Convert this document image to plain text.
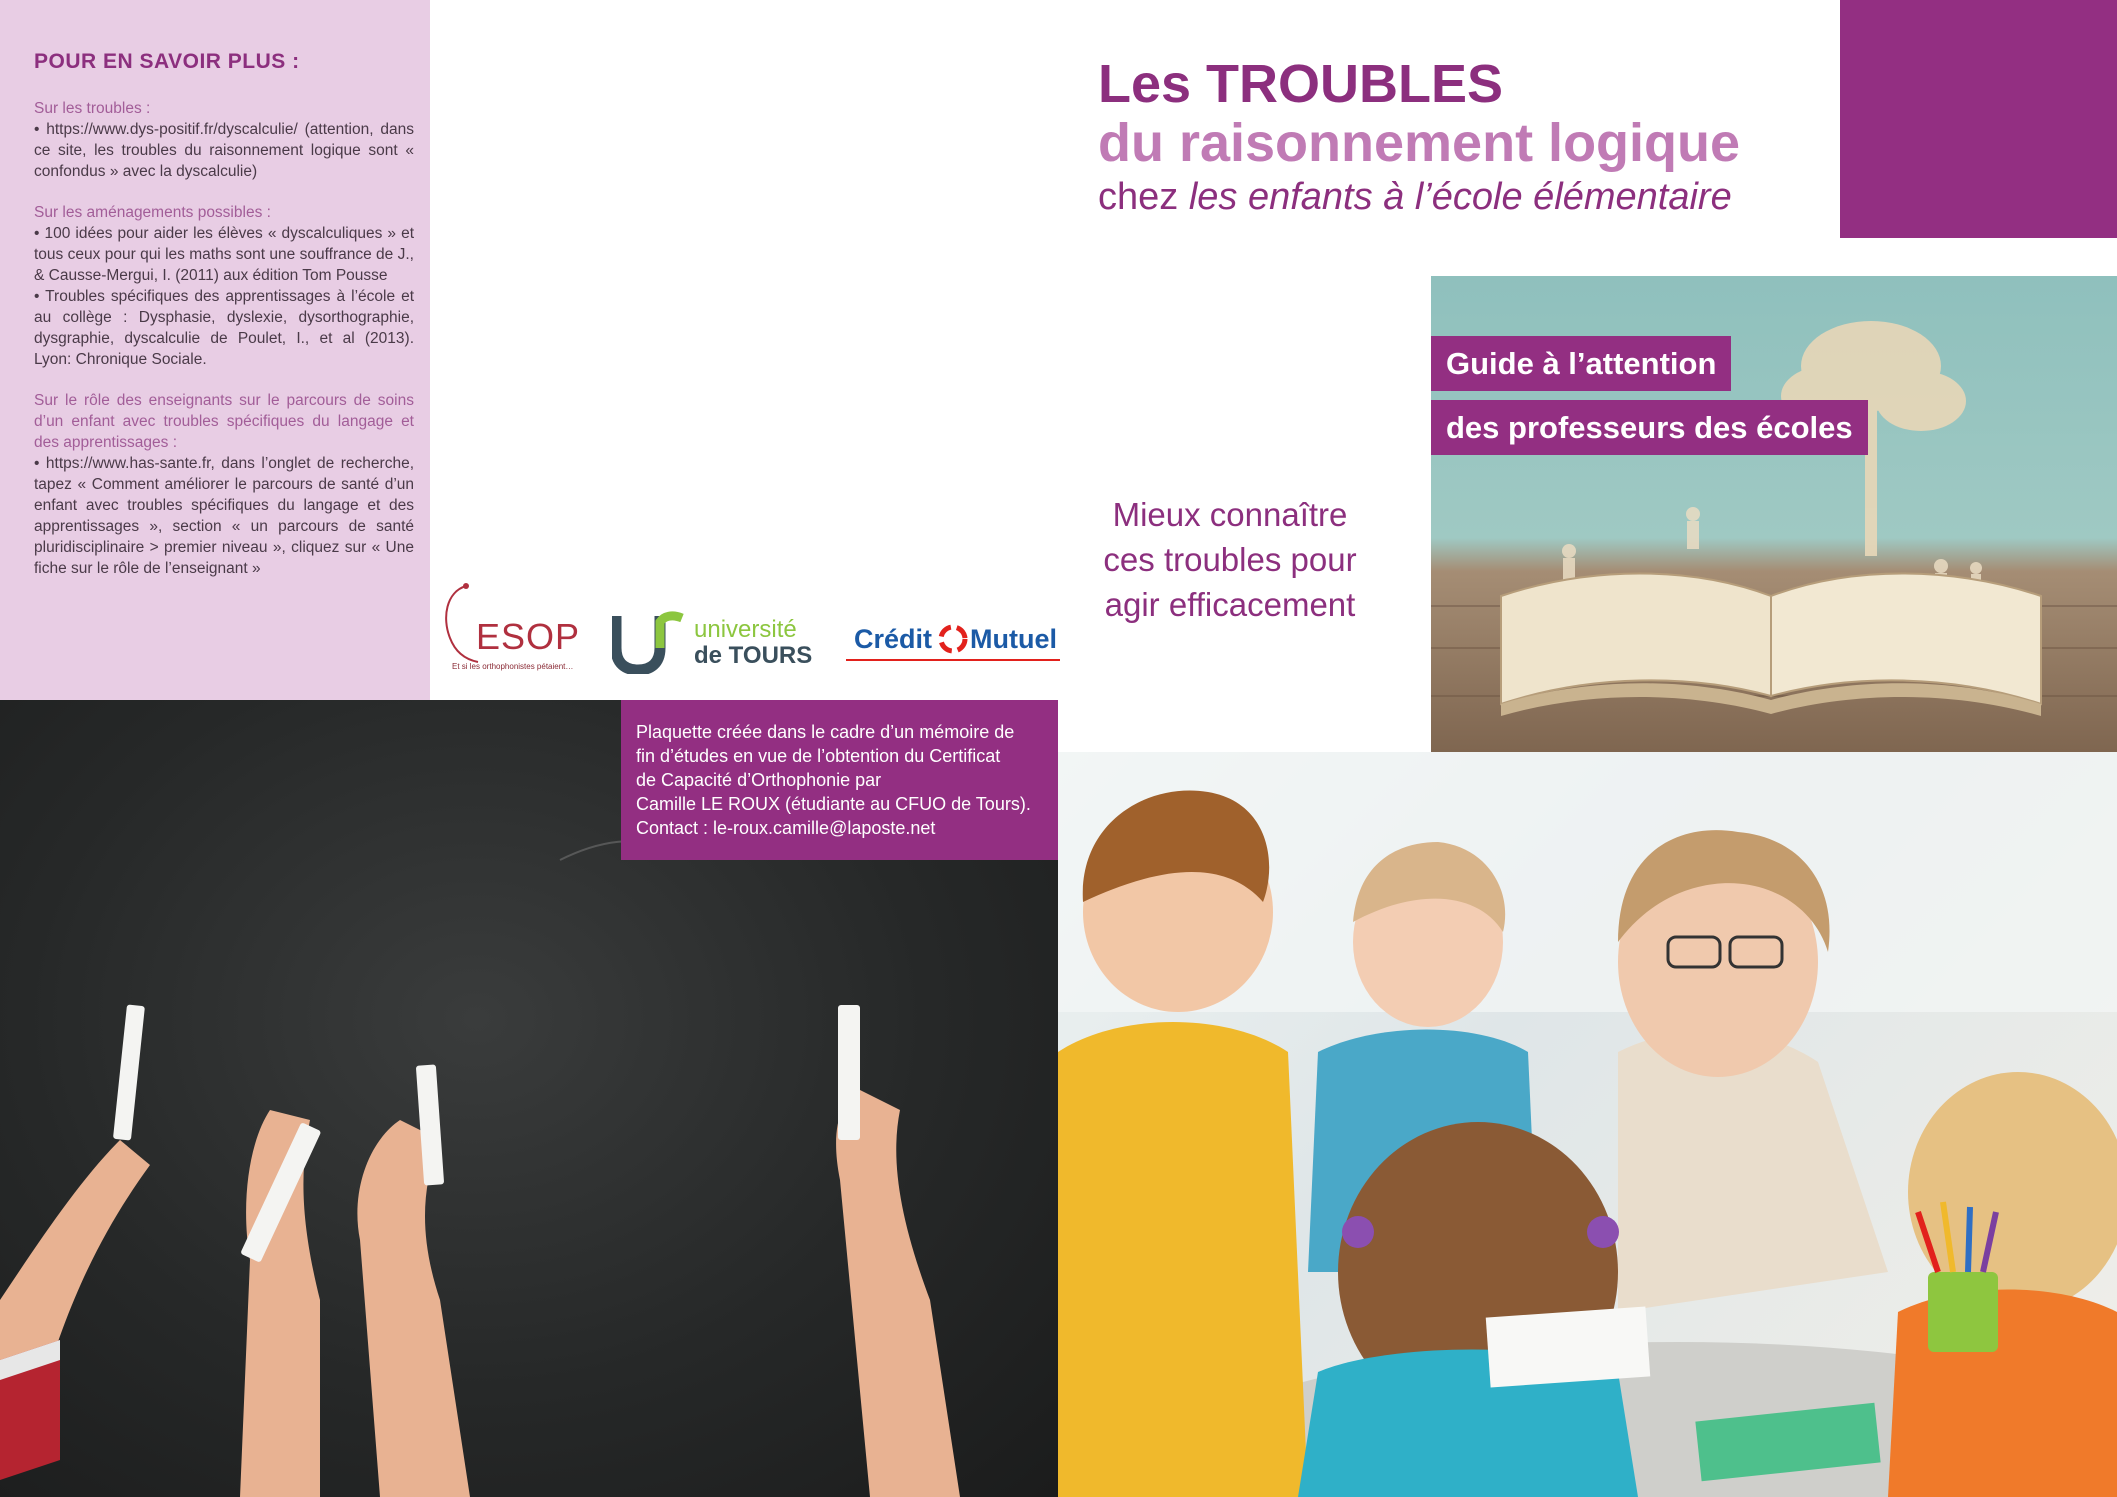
POUR EN SAVOIR PLUS :
Sur les troubles :
• https://www.dys-positif.fr/dyscalculie/ (attention, dans ce site, les troubles du raisonnement logique sont « confondus » avec la dyscalculie)
Sur les aménagements possibles :
• 100 idées pour aider les élèves « dyscalculiques » et tous ceux pour qui les maths sont une souffrance de J., & Causse-Mergui, I. (2011) aux édition Tom Pousse
• Troubles spécifiques des apprentissages à l’école et au collège : Dysphasie, dyslexie, dysorthographie, dysgraphie, dyscalculie de Poulet, I., et al (2013). Lyon: Chronique Sociale.
Sur le rôle des enseignants sur le parcours de soins d’un enfant avec troubles spécifiques du langage et des apprentissages :
• https://www.has-sante.fr, dans l’onglet de recherche, tapez « Comment améliorer le parcours de santé d’un enfant avec troubles spécifiques du langage et des apprentissages », section « un parcours de santé pluridisciplinaire > premier niveau », cliquez sur « Une fiche sur le rôle de l’enseignant »
ESOP
Et si les orthophonistes pétaient…
université
de TOURS
Crédit Mutuel
Les TROUBLES
du raisonnement logique
chez les enfants à l’école élémentaire
Mieux connaître
ces troubles pour
agir efficacement
Guide à l’attention
des professeurs des écoles
Plaquette créée dans le cadre d’un mémoire de
fin d’études en vue de l’obtention du Certificat
de Capacité d’Orthophonie par
Camille LE ROUX (étudiante au CFUO de Tours).
Contact : le-roux.camille@laposte.net
